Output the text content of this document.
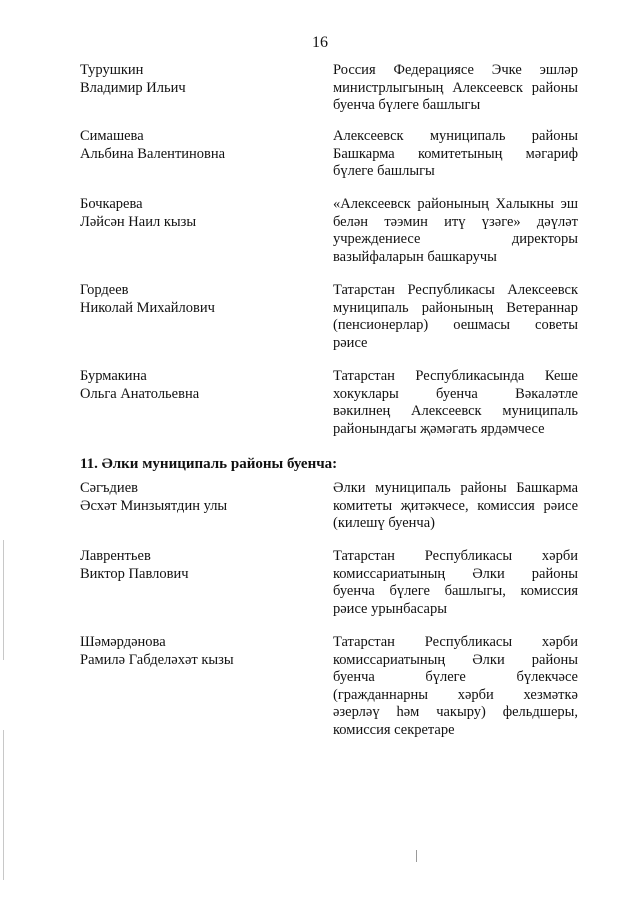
16
Турушкин
Владимир Ильич
Россия Федерациясе Эчке эшләр
министрлыгының Алексеевск районы
буенча бүлеге башлыгы
Симашева
Альбина Валентиновна
Алексеевск муниципаль районы
Башкарма комитетының мәгариф
бүлеге башлыгы
Бочкарева
Ләйсән Наил кызы
«Алексеевск районының Халыкны эш
белән тәэмин итү үзәге» дәүләт
учреждениесе директоры
вазыйфаларын башкаручы
Гордеев
Николай Михайлович
Татарстан Республикасы Алексеевск
муниципаль районының Ветераннар
(пенсионерлар) оешмасы советы
рәисе
Бурмакина
Ольга Анатольевна
Татарстан Республикасында Кеше
хокуклары буенча Вәкаләтле
вәкилнең Алексеевск муниципаль
районындагы җәмәгать ярдәмчесе
11. Әлки муниципаль районы буенча:
Сәгъдиев
Әсхәт Минзыятдин улы
Әлки муниципаль районы Башкарма
комитеты җитәкчесе, комиссия рәисе
(килешү буенча)
Лаврентьев
Виктор Павлович
Татарстан Республикасы хәрби
комиссариатының Әлки районы
буенча бүлеге башлыгы, комиссия
рәисе урынбасары
Шәмәрдәнова
Рамилә Габделәхәт кызы
Татарстан Республикасы хәрби
комиссариатының Әлки районы
буенча бүлеге бүлекчәсе
(гражданнарны хәрби хезмәткә
әзерләү һәм чакыру) фельдшеры,
комиссия секретаре
